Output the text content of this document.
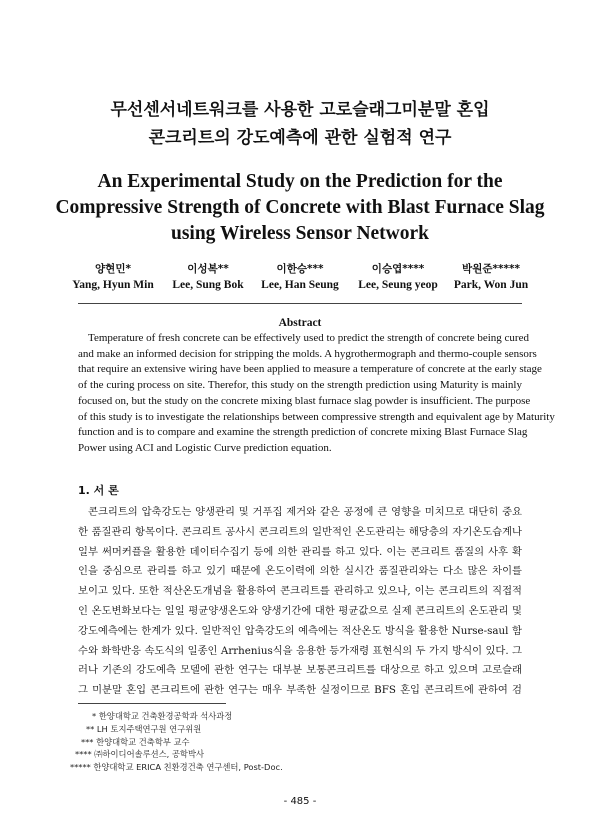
무선센서네트워크를 사용한 고로슬래그미분말 혼입
콘크리트의 강도예측에 관한 실험적 연구
An Experimental Study on the Prediction for the
Compressive Strength of Concrete with Blast Furnace Slag
using Wireless Sensor Network
양현민*
Yang, Hyun Min
이성복**
Lee, Sung Bok
이한승***
Lee, Han Seung
이승엽****
Lee, Seung yeop
박원준*****
Park, Won Jun
Abstract
Temperature of fresh concrete can be effectively used to predict the strength of concrete being cured
and make an informed decision for stripping the molds. A hygrothermograph and thermo-couple sensors
that require an extensive wiring have been applied to measure a temperature of concrete at the early stage
of the curing process on site. Therefor, this study on the strength prediction using Maturity is mainly
focused on, but the study on the concrete mixing blast furnace slag powder is insufficient. The purpose
of this study is to investigate the relationships between compressive strength and equivalent age by Maturity
function and is to compare and examine the strength prediction of concrete mixing Blast Furnace Slag
Power using ACI and Logistic Curve prediction equation.
1. 서 론
콘크리트의 압축강도는 양생관리 및 거푸집 제거와 같은 공정에 큰 영향을 미치므로 대단히 중요
한 품질관리 항목이다. 콘크리트 공사시 콘크리트의 일반적인 온도관리는 해당층의 자기온도습계나
일부 써머커플을 활용한 데이터수집기 등에 의한 관리를 하고 있다. 이는 콘크리트 품질의 사후 확
인을 중심으로 관리를 하고 있기 때문에 온도이력에 의한 실시간 품질관리와는 다소 많은 차이를
보이고 있다. 또한 적산온도개념을 활용하여 콘크리트를 관리하고 있으나, 이는 콘크리트의 직접적
인 온도변화보다는 일일 평균양생온도와 양생기간에 대한 평균값으로 실제 콘크리트의 온도관리 및
강도예측에는 한계가 있다. 일반적인 압축강도의 예측에는 적산온도 방식을 활용한 Nurse-saul 함
수와 화학반응 속도식의 일종인 Arrhenius식을 응용한 등가재령 표현식의 두 가지 방식이 있다. 그
러나 기존의 강도예측 모델에 관한 연구는 대부분 보통콘크리트를 대상으로 하고 있으며 고로슬래
그 미분말 혼입 콘크리트에 관한 연구는 매우 부족한 실정이므로 BFS 혼입 콘크리트에 관하여 검
* 한양대학교 건축환경공학과 석사과정
** LH 토지주택연구원 연구위원
*** 한양대학교 건축학부 교수
**** ㈜하이디어솔루션스, 공학박사
***** 한양대학교 ERICA 친환경건축 연구센터, Post-Doc.
- 485 -
